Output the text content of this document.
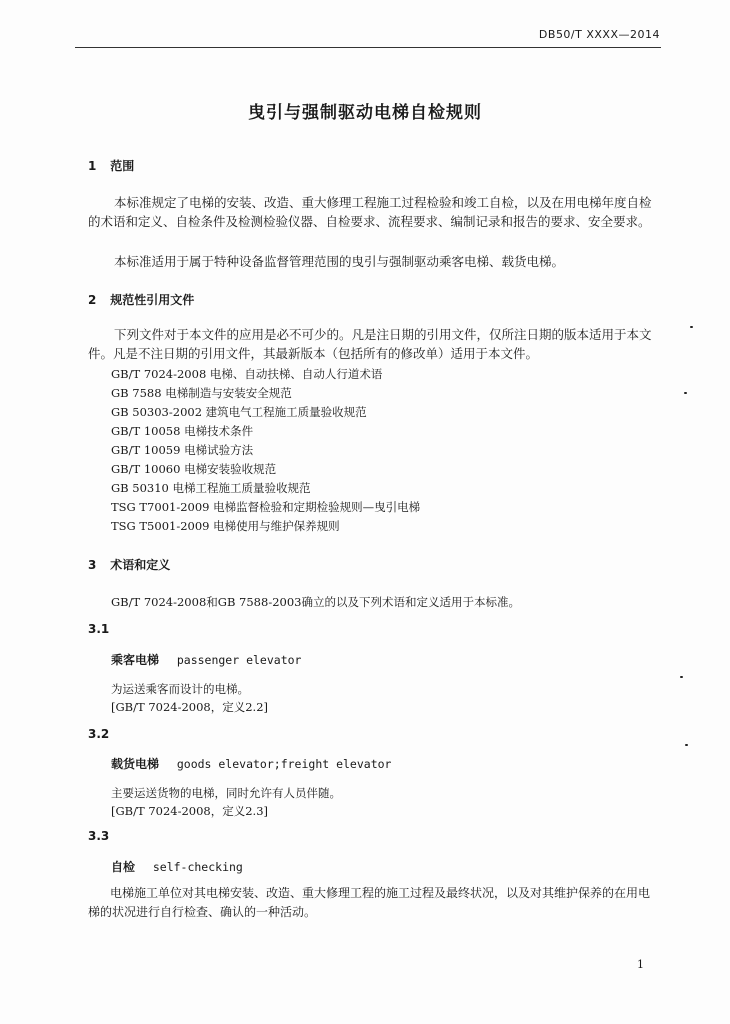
DB50/T XXXX—2014
曳引与强制驱动电梯自检规则
1 范围
本标准规定了电梯的安装、改造、重大修理工程施工过程检验和竣工自检，以及在用电梯年度自检的术语和定义、自检条件及检测检验仪器、自检要求、流程要求、编制记录和报告的要求、安全要求。
本标准适用于属于特种设备监督管理范围的曳引与强制驱动乘客电梯、载货电梯。
2 规范性引用文件
下列文件对于本文件的应用是必不可少的。凡是注日期的引用文件，仅所注日期的版本适用于本文件。凡是不注日期的引用文件，其最新版本（包括所有的修改单）适用于本文件。
GB/T 7024-2008 电梯、自动扶梯、自动人行道术语
GB 7588 电梯制造与安装安全规范
GB 50303-2002 建筑电气工程施工质量验收规范
GB/T 10058 电梯技术条件
GB/T 10059 电梯试验方法
GB/T 10060 电梯安装验收规范
GB 50310 电梯工程施工质量验收规范
TSG T7001-2009 电梯监督检验和定期检验规则—曳引电梯
TSG T5001-2009 电梯使用与维护保养规则
3 术语和定义
GB/T 7024-2008和GB 7588-2003确立的以及下列术语和定义适用于本标准。
3.1
乘客电梯 passenger elevator
为运送乘客而设计的电梯。
[GB/T 7024-2008，定义2.2]
3.2
载货电梯 goods elevator;freight elevator
主要运送货物的电梯，同时允许有人员伴随。
[GB/T 7024-2008，定义2.3]
3.3
自检 self-checking
电梯施工单位对其电梯安装、改造、重大修理工程的施工过程及最终状况，以及对其维护保养的在用电梯的状况进行自行检查、确认的一种活动。
1
